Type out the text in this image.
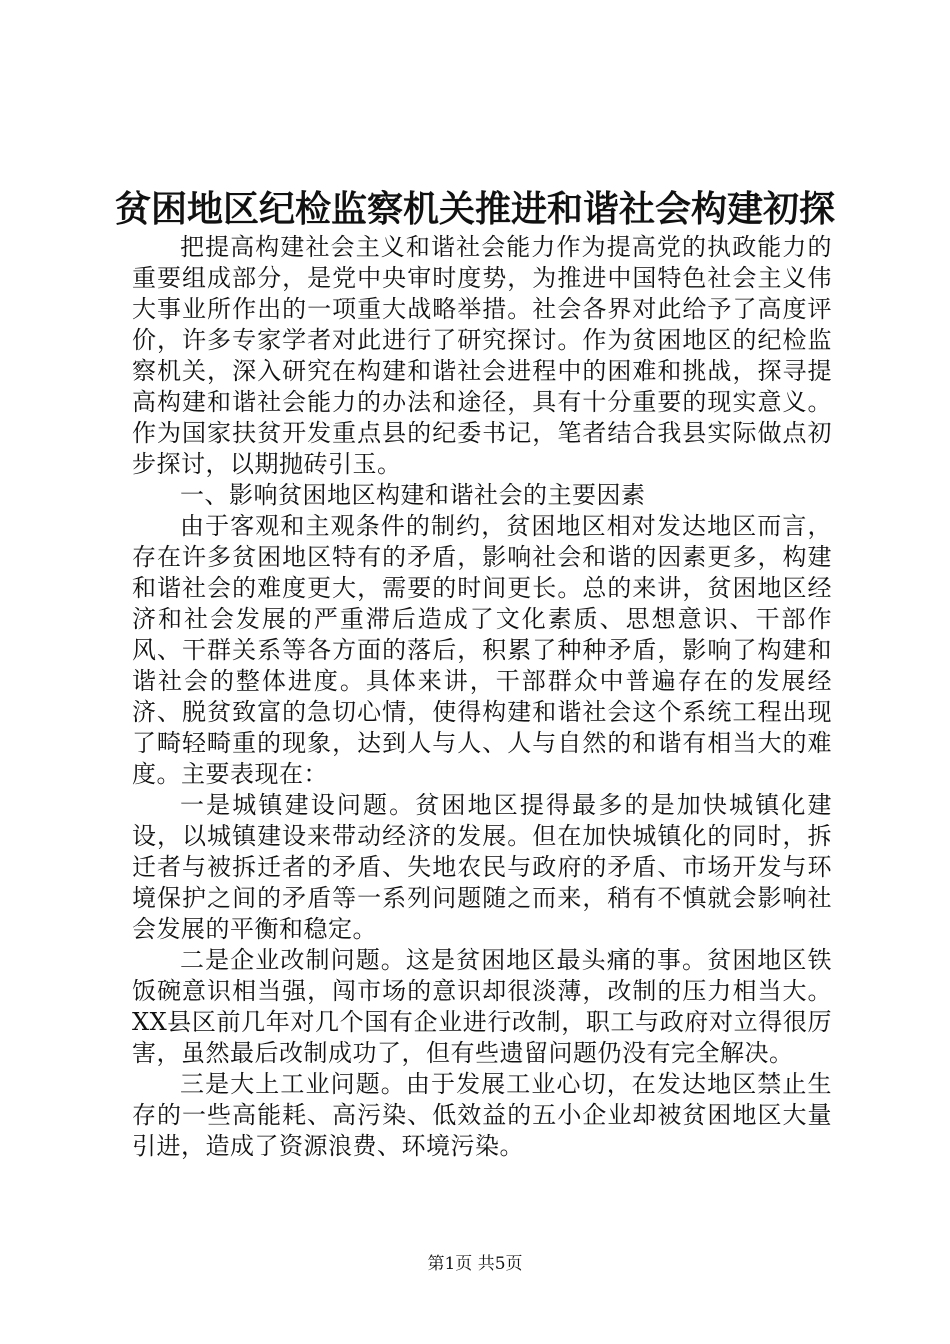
贫困地区纪检监察机关推进和谐社会构建初探

把提高构建社会主义和谐社会能力作为提高党的执政能力的重要组成部分，是党中央审时度势，为推进中国特色社会主义伟大事业所作出的一项重大战略举措。社会各界对此给予了高度评价，许多专家学者对此进行了研究探讨。作为贫困地区的纪检监察机关，深入研究在构建和谐社会进程中的困难和挑战，探寻提高构建和谐社会能力的办法和途径，具有十分重要的现实意义。作为国家扶贫开发重点县的纪委书记，笔者结合我县实际做点初步探讨，以期抛砖引玉。

一、影响贫困地区构建和谐社会的主要因素

由于客观和主观条件的制约，贫困地区相对发达地区而言，存在许多贫困地区特有的矛盾，影响社会和谐的因素更多，构建和谐社会的难度更大，需要的时间更长。总的来讲，贫困地区经济和社会发展的严重滞后造成了文化素质、思想意识、干部作风、干群关系等各方面的落后，积累了种种矛盾，影响了构建和谐社会的整体进度。具体来讲，干部群众中普遍存在的发展经济、脱贫致富的急切心情，使得构建和谐社会这个系统工程出现了畸轻畸重的现象，达到人与人、人与自然的和谐有相当大的难度。主要表现在：

一是城镇建设问题。贫困地区提得最多的是加快城镇化建设，以城镇建设来带动经济的发展。但在加快城镇化的同时，拆迁者与被拆迁者的矛盾、失地农民与政府的矛盾、市场开发与环境保护之间的矛盾等一系列问题随之而来，稍有不慎就会影响社会发展的平衡和稳定。

二是企业改制问题。这是贫困地区最头痛的事。贫困地区铁饭碗意识相当强，闯市场的意识却很淡薄，改制的压力相当大。XX县区前几年对几个国有企业进行改制，职工与政府对立得很厉害，虽然最后改制成功了，但有些遗留问题仍没有完全解决。

三是大上工业问题。由于发展工业心切，在发达地区禁止生存的一些高能耗、高污染、低效益的五小企业却被贫困地区大量引进，造成了资源浪费、环境污染。

第1页 共5页
